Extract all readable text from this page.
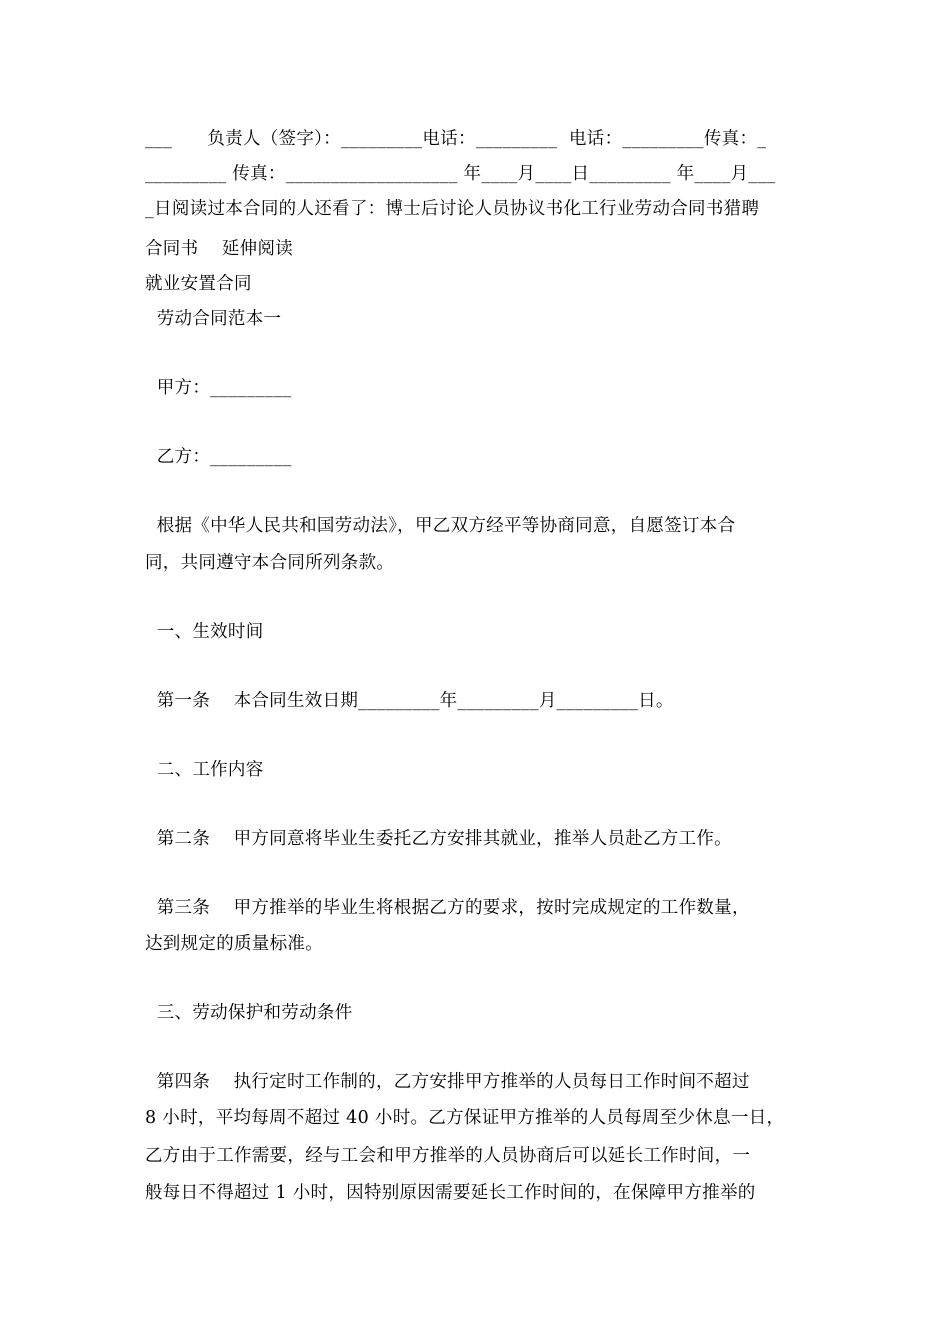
___      负责人（签字）：_________电话：_________  电话：_________传真：_
_________ 传真：___________________ 年____月____日_________ 年____月___
_日阅读过本合同的人还看了：博士后讨论人员协议书化工行业劳动合同书猎聘
合同书    延伸阅读
就业安置合同
劳动合同范本一
甲方：_________
乙方：_________
根据《中华人民共和国劳动法》，甲乙双方经平等协商同意，自愿签订本合
同，共同遵守本合同所列条款。
一、生效时间
第一条    本合同生效日期_________年_________月_________日。
二、工作内容
第二条    甲方同意将毕业生委托乙方安排其就业，推举人员赴乙方工作。
第三条    甲方推举的毕业生将根据乙方的要求，按时完成规定的工作数量，
达到规定的质量标准。
三、劳动保护和劳动条件
第四条    执行定时工作制的，乙方安排甲方推举的人员每日工作时间不超过
8 小时，平均每周不超过 40 小时。乙方保证甲方推举的人员每周至少休息一日，
乙方由于工作需要，经与工会和甲方推举的人员协商后可以延长工作时间，一
般每日不得超过 1 小时，因特别原因需要延长工作时间的，在保障甲方推举的
